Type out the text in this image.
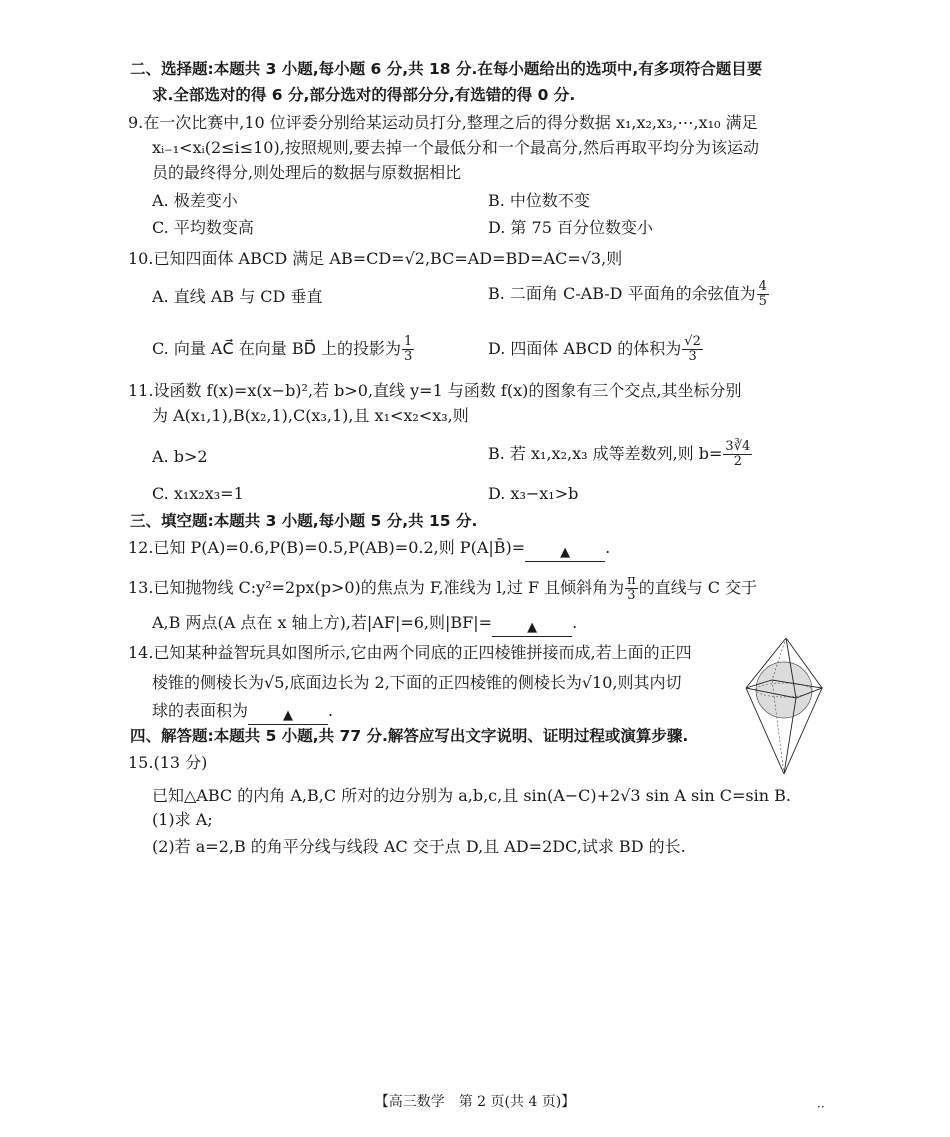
二、选择题:本题共 3 小题,每小题 6 分,共 18 分.在每小题给出的选项中,有多项符合题目要
求.全部选对的得 6 分,部分选对的得部分分,有选错的得 0 分.
9.在一次比赛中,10 位评委分别给某运动员打分,整理之后的得分数据 x₁,x₂,x₃,⋯,x₁₀ 满足
xᵢ₋₁<xᵢ(2≤i≤10),按照规则,要去掉一个最低分和一个最高分,然后再取平均分为该运动
员的最终得分,则处理后的数据与原数据相比
A. 极差变小	B. 中位数不变
C. 平均数变高	D. 第 75 百分位数变小
10.已知四面体 ABCD 满足 AB=CD=√2,BC=AD=BD=AC=√3,则
A. 直线 AB 与 CD 垂直	B. 二面角 C-AB-D 平面角的余弦值为 $\frac{4}{5}$
C. 向量 AC⃗ 在向量 BD⃗ 上的投影为 $\frac{1}{3}$	D. 四面体 ABCD 的体积为 $\frac{√2}{3}$
11.设函数 f(x)=x(x−b)²,若 b>0,直线 y=1 与函数 f(x)的图象有三个交点,其坐标分别
为 A(x₁,1),B(x₂,1),C(x₃,1),且 x₁<x₂<x₃,则
A. b>2	B. 若 x₁,x₂,x₃ 成等差数列,则 $b= \frac{3∛4}{2}$
C. x₁x₂x₃=1	D. x₃−x₁>b
三、填空题:本题共 3 小题,每小题 5 分,共 15 分.
12.已知 P(A)=0.6,P(B)=0.5,P(AB)=0.2,则 P(A|B̄)=	▲ .
13.已知抛物线 C:y²=2px(p>0)的焦点为 F,准线为 l,过 F 且倾斜角为 $\frac{\pi}{3}$ 的直线与 C 交于
A,B 两点(A 点在 x 轴上方),若|AF|=6,则|BF|=	▲ .
14.已知某种益智玩具如图所示,它由两个同底的正四棱锥拼接而成,若上面的正四
棱锥的侧棱长为√5,底面边长为 2,下面的正四棱锥的侧棱长为√10,则其内切
球的表面积为	▲ .
四、解答题:本题共 5 小题,共 77 分.解答应写出文字说明、证明过程或演算步骤.
15.(13 分)
已知△ABC 的内角 A,B,C 所对的边分别为 a,b,c,且 sin(A−C)+2√3 sin A sin C=sin B.
(1)求 A;
(2)若 a=2,B 的角平分线与线段 AC 交于点 D,且 AD=2DC,试求 BD 的长.
【高三数学　第 2 页(共 4 页)】	··
